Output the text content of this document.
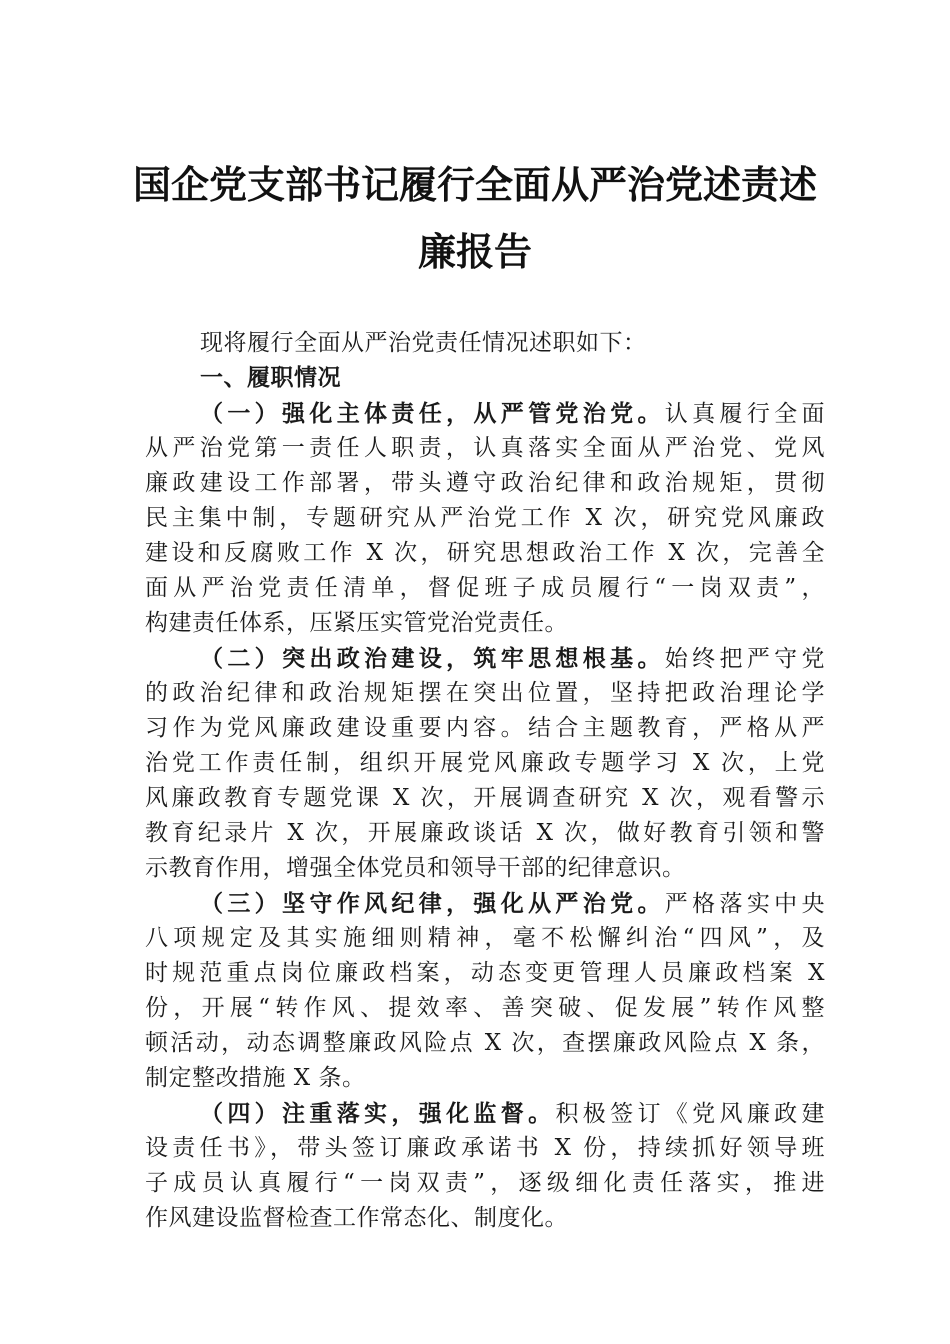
国企党支部书记履行全面从严治党述责述
廉报告
现将履行全面从严治党责任情况述职如下：
一、履职情况
（一）强化主体责任，从严管党治党。认真履行全面
从严治党第一责任人职责，认真落实全面从严治党、党风
廉政建设工作部署，带头遵守政治纪律和政治规矩，贯彻
民主集中制，专题研究从严治党工作 X 次，研究党风廉政
建设和反腐败工作 X 次，研究思想政治工作 X 次，完善全
面从严治党责任清单，督促班子成员履行“一岗双责”，
构建责任体系，压紧压实管党治党责任。
（二）突出政治建设，筑牢思想根基。始终把严守党
的政治纪律和政治规矩摆在突出位置，坚持把政治理论学
习作为党风廉政建设重要内容。结合主题教育，严格从严
治党工作责任制，组织开展党风廉政专题学习 X 次，上党
风廉政教育专题党课 X 次，开展调查研究 X 次，观看警示
教育纪录片 X 次，开展廉政谈话 X 次，做好教育引领和警
示教育作用，增强全体党员和领导干部的纪律意识。
（三）坚守作风纪律，强化从严治党。严格落实中央
八项规定及其实施细则精神，毫不松懈纠治“四风”，及
时规范重点岗位廉政档案，动态变更管理人员廉政档案 X
份，开展“转作风、提效率、善突破、促发展”转作风整
顿活动，动态调整廉政风险点 X 次，查摆廉政风险点 X 条，
制定整改措施 X 条。
（四）注重落实，强化监督。积极签订《党风廉政建
设责任书》，带头签订廉政承诺书 X 份，持续抓好领导班
子成员认真履行“一岗双责”，逐级细化责任落实，推进
作风建设监督检查工作常态化、制度化。
